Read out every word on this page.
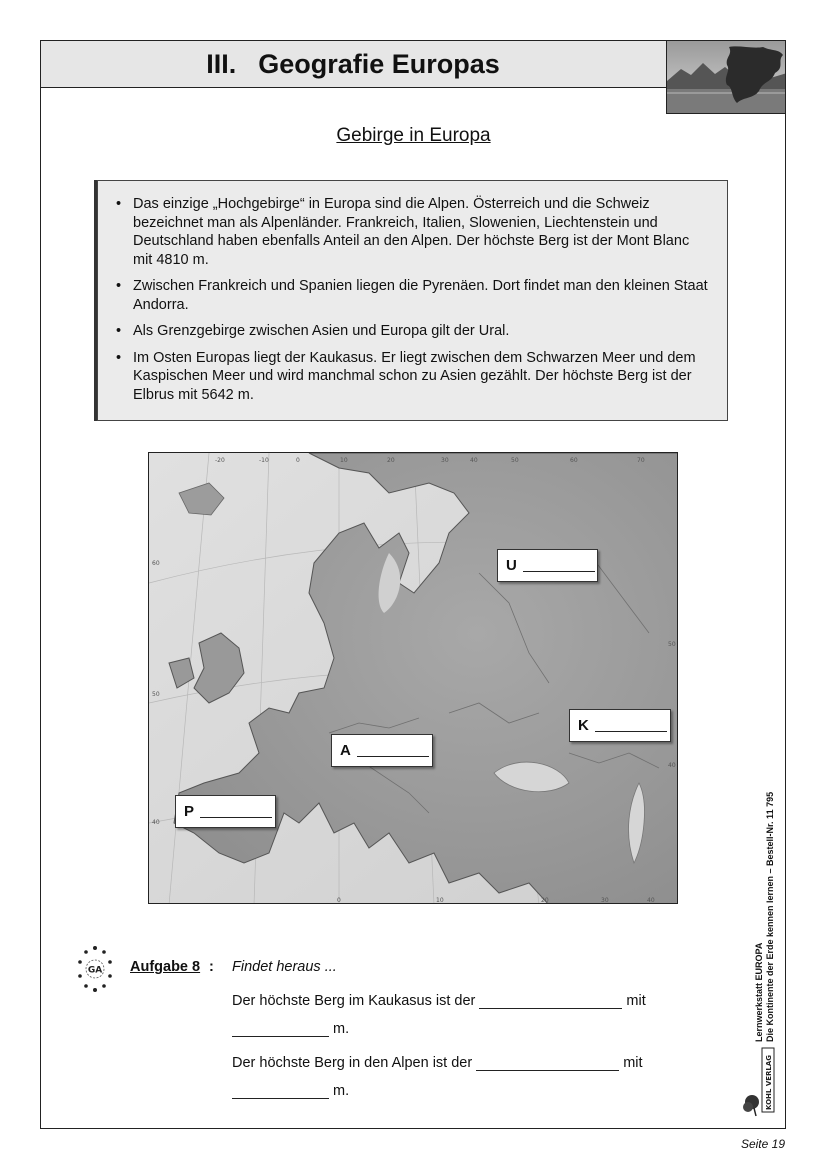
III. Geografie Europas
Gebirge in Europa
• Das einzige „Hochgebirge“ in Europa sind die Alpen. Österreich und die Schweiz bezeichnet man als Alpenländer. Frankreich, Italien, Slowenien, Liechtenstein und Deutschland haben ebenfalls Anteil an den Alpen. Der höchste Berg ist der Mont Blanc mit 4810 m.
• Zwischen Frankreich und Spanien liegen die Pyrenäen. Dort findet man den kleinen Staat Andorra.
• Als Grenzgebirge zwischen Asien und Europa gilt der Ural.
• Im Osten Europas liegt der Kaukasus. Er liegt zwischen dem Schwarzen Meer und dem Kaspischen Meer und wird manchmal schon zu Asien gezählt. Der höchste Berg ist der Elbrus mit 5642 m.
-20	-10	0	10	20	30	40	50	60	70
0	10	20	30	40
60
50
40
50
40
U
K
A
P
GA Aufgabe 8 : Findet heraus ...
Der höchste Berg im Kaukasus ist der	mit
m.
Der höchste Berg in den Alpen ist der	mit
m.
Lernwerkstatt EUROPA Die Kontinente der Erde kennen lernen – Bestell-Nr. 11 795
KOHL VERLAG
Seite 19
